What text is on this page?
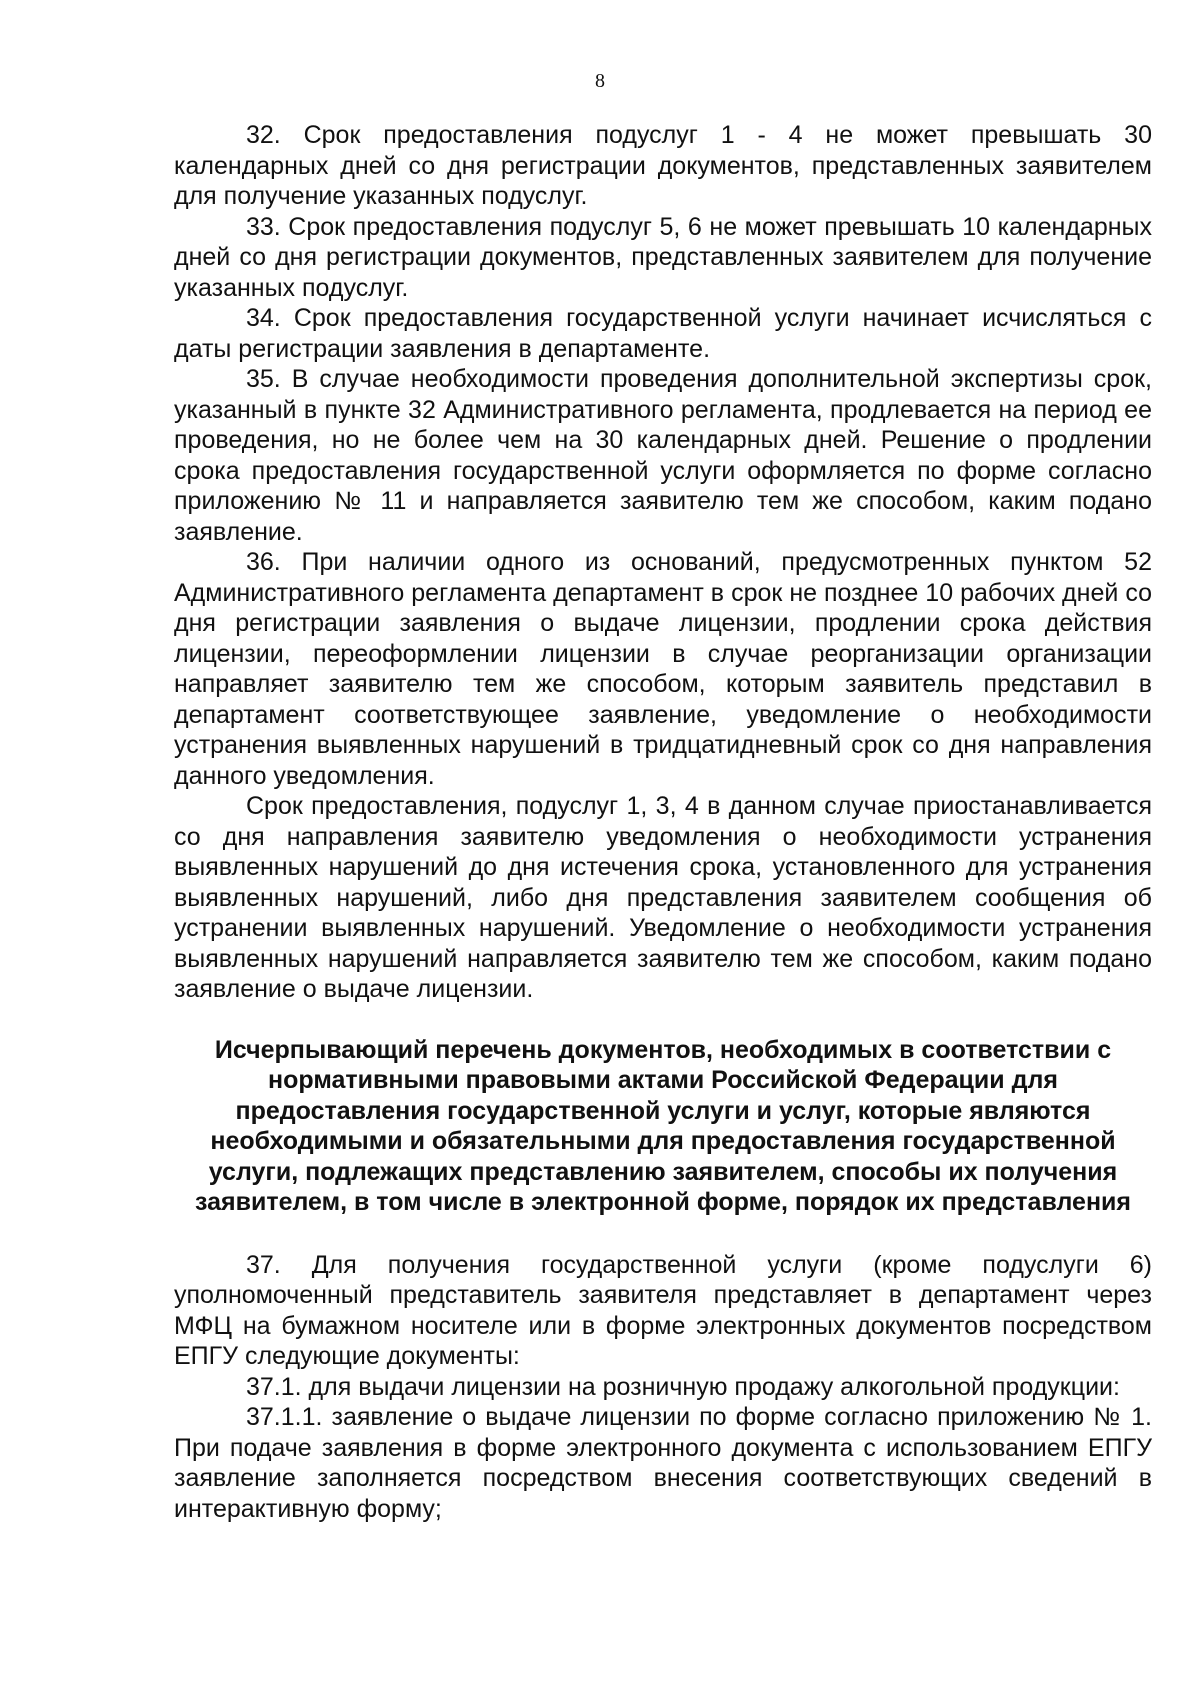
8

32. Срок предоставления подуслуг 1 - 4 не может превышать 30 календарных дней со дня регистрации документов, представленных заявителем для получение указанных подуслуг.

33. Срок предоставления подуслуг 5, 6 не может превышать 10 календарных дней со дня регистрации документов, представленных заявителем для получение указанных подуслуг.

34. Срок предоставления государственной услуги начинает исчисляться с даты регистрации заявления в департаменте.

35. В случае необходимости проведения дополнительной экспертизы срок, указанный в пункте 32 Административного регламента, продлевается на период ее проведения, но не более чем на 30 календарных дней. Решение о продлении срока предоставления государственной услуги оформляется по форме согласно приложению № 11 и направляется заявителю тем же способом, каким подано заявление.

36. При наличии одного из оснований, предусмотренных пунктом 52 Административного регламента департамент в срок не позднее 10 рабочих дней со дня регистрации заявления о выдаче лицензии, продлении срока действия лицензии, переоформлении лицензии в случае реорганизации организации направляет заявителю тем же способом, которым заявитель представил в департамент соответствующее заявление, уведомление о необходимости устранения выявленных нарушений в тридцатидневный срок со дня направления данного уведомления.

Срок предоставления, подуслуг 1, 3, 4 в данном случае приостанавливается со дня направления заявителю уведомления о необходимости устранения выявленных нарушений до дня истечения срока, установленного для устранения выявленных нарушений, либо дня представления заявителем сообщения об устранении выявленных нарушений. Уведомление о необходимости устранения выявленных нарушений направляется заявителю тем же способом, каким подано заявление о выдаче лицензии.

Исчерпывающий перечень документов, необходимых в соответствии с нормативными правовыми актами Российской Федерации для предоставления государственной услуги и услуг, которые являются необходимыми и обязательными для предоставления государственной услуги, подлежащих представлению заявителем, способы их получения заявителем, в том числе в электронной форме, порядок их представления

37. Для получения государственной услуги (кроме подуслуги 6) уполномоченный представитель заявителя представляет в департамент через МФЦ на бумажном носителе или в форме электронных документов посредством ЕПГУ следующие документы:

37.1. для выдачи лицензии на розничную продажу алкогольной продукции:

37.1.1. заявление о выдаче лицензии по форме согласно приложению № 1. При подаче заявления в форме электронного документа с использованием ЕПГУ заявление заполняется посредством внесения соответствующих сведений в интерактивную форму;
